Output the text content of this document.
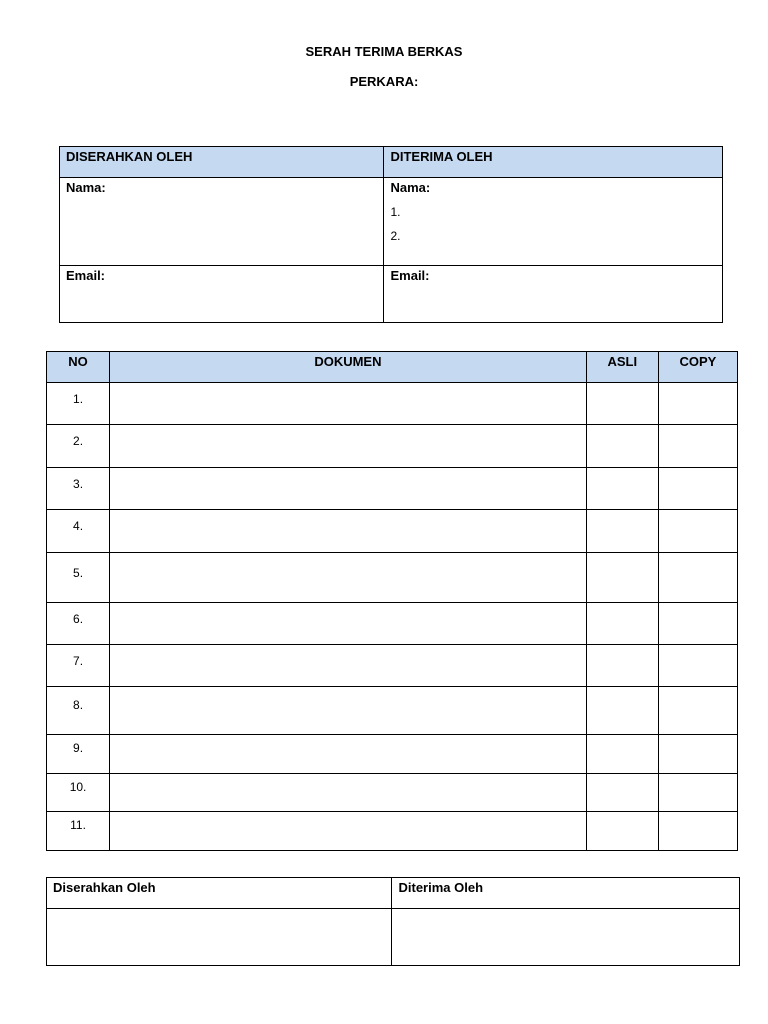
SERAH TERIMA BERKAS
PERKARA:
DISERAHKAN OLEH	DITERIMA OLEH

Nama:	Nama:
1.
2.

Email:	Email:
NO	DOKUMEN	ASLI	COPY
1.			
2.			
3.			
4.			
5.			
6.			
7.			
8.			
9.			
10.			
11.			
Diserahkan Oleh	Diterima Oleh
